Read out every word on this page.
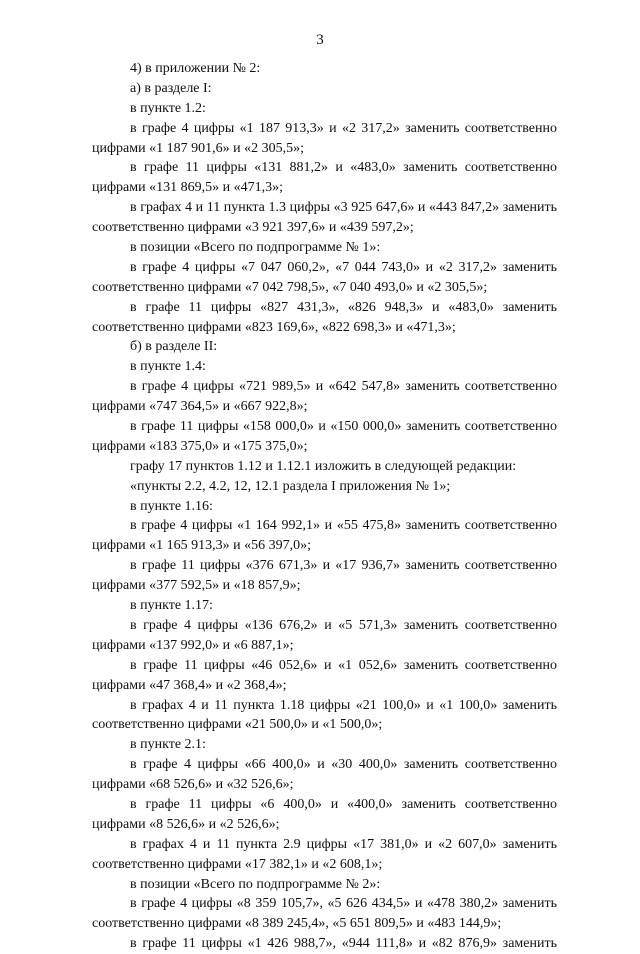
3
4) в приложении № 2:
а) в разделе I:
в пункте 1.2:
в графе 4 цифры «1 187 913,3» и «2 317,2» заменить соответственно
цифрами «1 187 901,6» и «2 305,5»;
в графе 11 цифры «131 881,2» и «483,0» заменить соответственно
цифрами «131 869,5» и «471,3»;
в графах 4 и 11 пункта 1.3 цифры «3 925 647,6» и «443 847,2» заменить
соответственно цифрами «3 921 397,6» и «439 597,2»;
в позиции «Всего по подпрограмме № 1»:
в графе 4 цифры «7 047 060,2», «7 044 743,0» и «2 317,2» заменить
соответственно цифрами «7 042 798,5», «7 040 493,0» и «2 305,5»;
в графе 11 цифры «827 431,3», «826 948,3» и «483,0» заменить
соответственно цифрами «823 169,6», «822 698,3» и «471,3»;
б) в разделе II:
в пункте 1.4:
в графе 4 цифры «721 989,5» и «642 547,8» заменить соответственно
цифрами «747 364,5» и «667 922,8»;
в графе 11 цифры «158 000,0» и «150 000,0» заменить соответственно
цифрами «183 375,0» и «175 375,0»;
графу 17 пунктов 1.12 и 1.12.1 изложить в следующей редакции:
«пункты 2.2, 4.2, 12, 12.1 раздела I приложения № 1»;
в пункте 1.16:
в графе 4 цифры «1 164 992,1» и «55 475,8» заменить соответственно
цифрами «1 165 913,3» и «56 397,0»;
в графе 11 цифры «376 671,3» и «17 936,7» заменить соответственно
цифрами «377 592,5» и «18 857,9»;
в пункте 1.17:
в графе 4 цифры «136 676,2» и «5 571,3» заменить соответственно
цифрами «137 992,0» и «6 887,1»;
в графе 11 цифры «46 052,6» и «1 052,6» заменить соответственно
цифрами «47 368,4» и «2 368,4»;
в графах 4 и 11 пункта 1.18 цифры «21 100,0» и «1 100,0» заменить
соответственно цифрами «21 500,0» и «1 500,0»;
в пункте 2.1:
в графе 4 цифры «66 400,0» и «30 400,0» заменить соответственно
цифрами «68 526,6» и «32 526,6»;
в графе 11 цифры «6 400,0» и «400,0» заменить соответственно
цифрами «8 526,6» и «2 526,6»;
в графах 4 и 11 пункта 2.9 цифры «17 381,0» и «2 607,0» заменить
соответственно цифрами «17 382,1» и «2 608,1»;
в позиции «Всего по подпрограмме № 2»:
в графе 4 цифры «8 359 105,7», «5 626 434,5» и «478 380,2» заменить
соответственно цифрами «8 389 245,4», «5 651 809,5» и «483 144,9»;
в графе 11 цифры «1 426 988,7», «944 111,8» и «82 876,9» заменить
